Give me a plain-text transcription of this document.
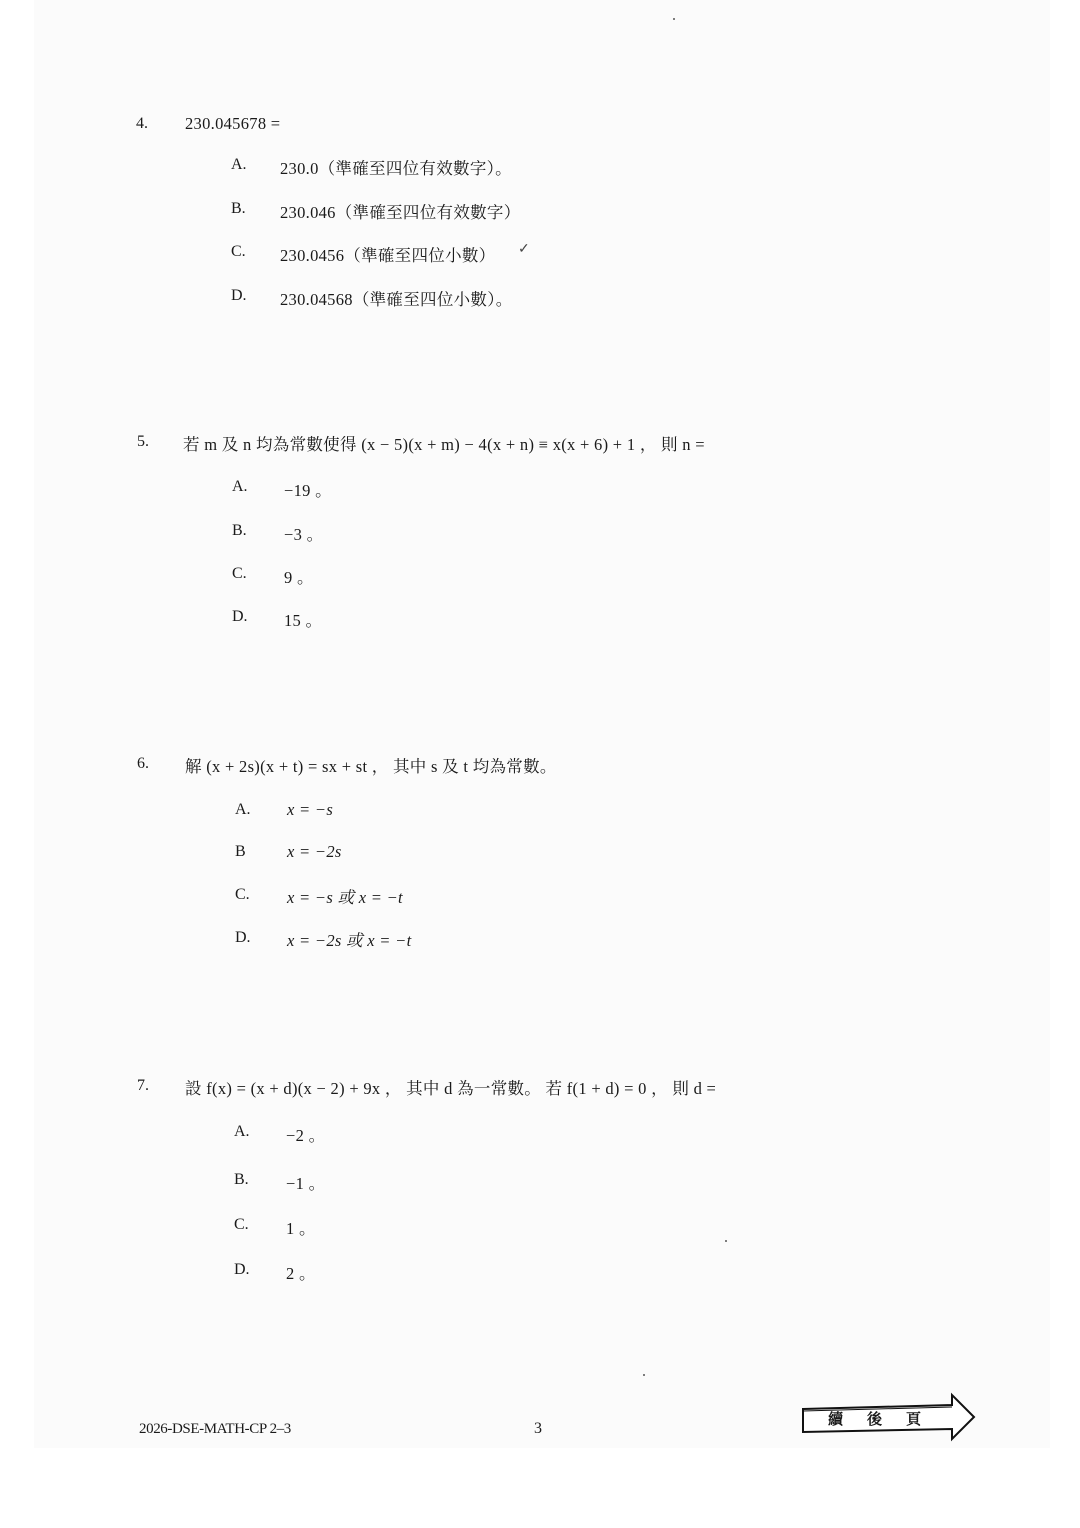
4. 230.045678 =
A. 230.0（準確至四位有效數字）。
B. 230.046（準確至四位有效數字）
C. 230.0456（準確至四位小數） ✓
D. 230.04568（準確至四位小數）。
5. 若 m 及 n 均為常數使得 (x − 5)(x + m) − 4(x + n) ≡ x(x + 6) + 1 ， 則 n =
A. −19 。
B. −3 。
C. 9 。
D. 15 。
6. 解 (x + 2s)(x + t) = sx + st ， 其中 s 及 t 均為常數。
A. x = −s
B	x = −2s
C. x = −s 或 x = −t
D. x = −2s 或 x = −t
7. 設 f(x) = (x + d)(x − 2) + 9x ， 其中 d 為一常數。 若 f(1 + d) = 0 ， 則 d =
A. −2 。
B. −1 。
C. 1 。
D. 2 。
2026-DSE-MATH-CP 2–3	3
續後頁
